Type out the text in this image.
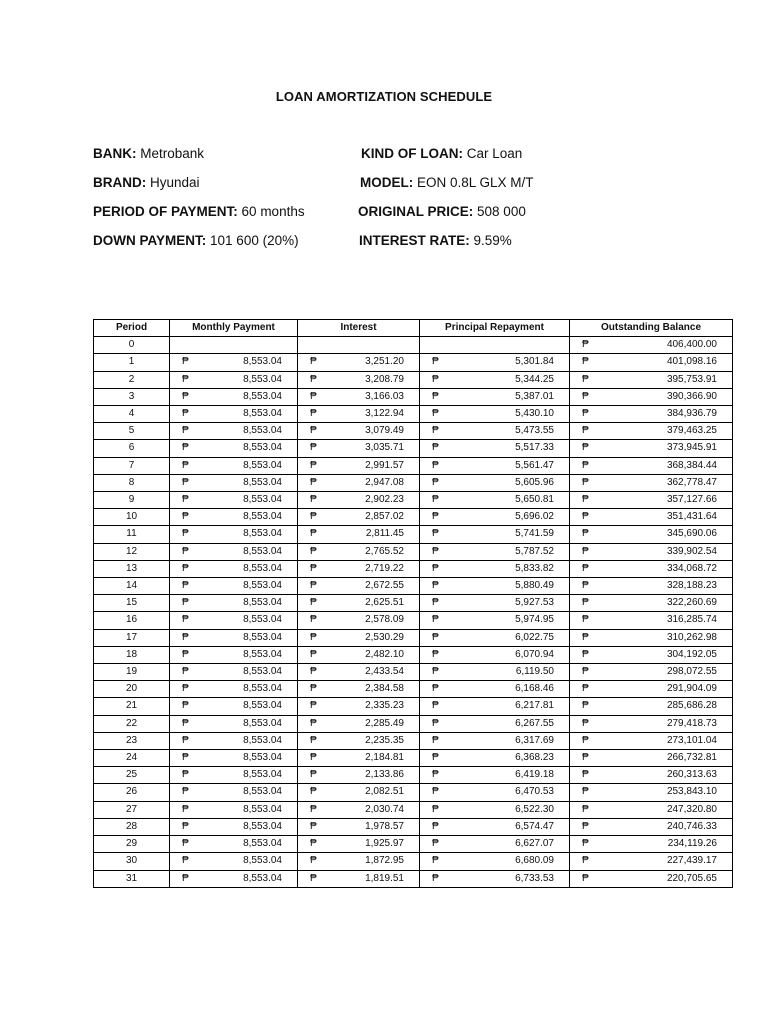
LOAN AMORTIZATION SCHEDULE
BANK: Metrobank	KIND OF LOAN: Car Loan
BRAND: Hyundai	MODEL: EON 0.8L GLX M/T
PERIOD OF PAYMENT: 60 months	ORIGINAL PRICE: 508 000
DOWN PAYMENT: 101 600 (20%)	INTEREST RATE: 9.59%
Period	Monthly Payment	Interest	Principal Repayment	Outstanding Balance
0				₱ 406,400.00
1	₱ 8,553.04	₱ 3,251.20	₱ 5,301.84	₱ 401,098.16
2	₱ 8,553.04	₱ 3,208.79	₱ 5,344.25	₱ 395,753.91
3	₱ 8,553.04	₱ 3,166.03	₱ 5,387.01	₱ 390,366.90
4	₱ 8,553.04	₱ 3,122.94	₱ 5,430.10	₱ 384,936.79
5	₱ 8,553.04	₱ 3,079.49	₱ 5,473.55	₱ 379,463.25
6	₱ 8,553.04	₱ 3,035.71	₱ 5,517.33	₱ 373,945.91
7	₱ 8,553.04	₱ 2,991.57	₱ 5,561.47	₱ 368,384.44
8	₱ 8,553.04	₱ 2,947.08	₱ 5,605.96	₱ 362,778.47
9	₱ 8,553.04	₱ 2,902.23	₱ 5,650.81	₱ 357,127.66
10	₱ 8,553.04	₱ 2,857.02	₱ 5,696.02	₱ 351,431.64
11	₱ 8,553.04	₱ 2,811.45	₱ 5,741.59	₱ 345,690.06
12	₱ 8,553.04	₱ 2,765.52	₱ 5,787.52	₱ 339,902.54
13	₱ 8,553.04	₱ 2,719.22	₱ 5,833.82	₱ 334,068.72
14	₱ 8,553.04	₱ 2,672.55	₱ 5,880.49	₱ 328,188.23
15	₱ 8,553.04	₱ 2,625.51	₱ 5,927.53	₱ 322,260.69
16	₱ 8,553.04	₱ 2,578.09	₱ 5,974.95	₱ 316,285.74
17	₱ 8,553.04	₱ 2,530.29	₱ 6,022.75	₱ 310,262.98
18	₱ 8,553.04	₱ 2,482.10	₱ 6,070.94	₱ 304,192.05
19	₱ 8,553.04	₱ 2,433.54	₱ 6,119.50	₱ 298,072.55
20	₱ 8,553.04	₱ 2,384.58	₱ 6,168.46	₱ 291,904.09
21	₱ 8,553.04	₱ 2,335.23	₱ 6,217.81	₱ 285,686.28
22	₱ 8,553.04	₱ 2,285.49	₱ 6,267.55	₱ 279,418.73
23	₱ 8,553.04	₱ 2,235.35	₱ 6,317.69	₱ 273,101.04
24	₱ 8,553.04	₱ 2,184.81	₱ 6,368.23	₱ 266,732.81
25	₱ 8,553.04	₱ 2,133.86	₱ 6,419.18	₱ 260,313.63
26	₱ 8,553.04	₱ 2,082.51	₱ 6,470.53	₱ 253,843.10
27	₱ 8,553.04	₱ 2,030.74	₱ 6,522.30	₱ 247,320.80
28	₱ 8,553.04	₱ 1,978.57	₱ 6,574.47	₱ 240,746.33
29	₱ 8,553.04	₱ 1,925.97	₱ 6,627.07	₱ 234,119.26
30	₱ 8,553.04	₱ 1,872.95	₱ 6,680.09	₱ 227,439.17
31	₱ 8,553.04	₱ 1,819.51	₱ 6,733.53	₱ 220,705.65
